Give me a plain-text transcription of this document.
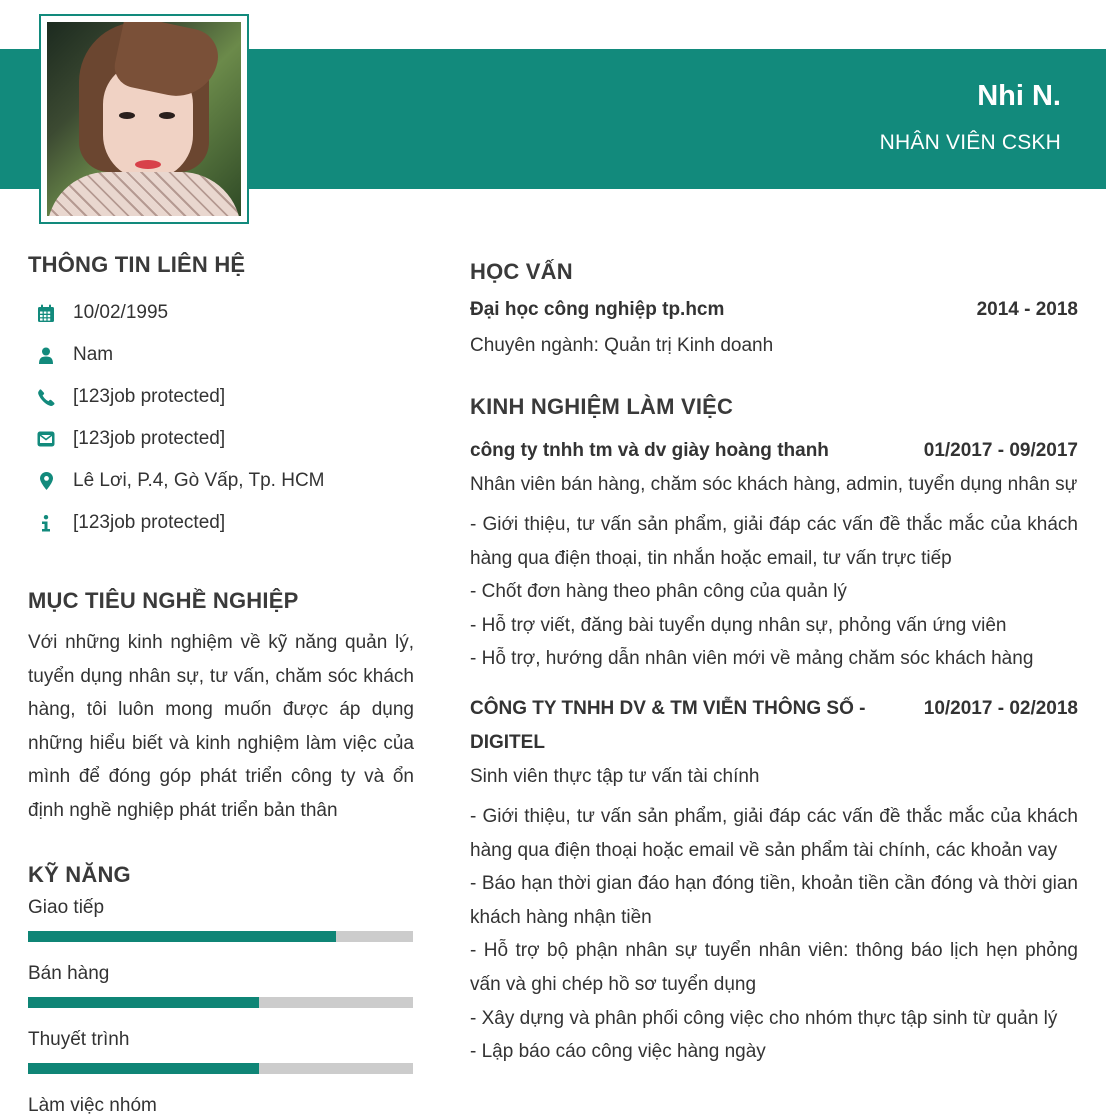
Nhi N.
NHÂN VIÊN CSKH
THÔNG TIN LIÊN HỆ
10/02/1995
Nam
[123job protected]
[123job protected]
Lê Lơi, P.4, Gò Vấp, Tp. HCM
[123job protected]
MỤC TIÊU NGHỀ NGHIỆP

Với những kinh nghiệm về kỹ năng quản lý, tuyển dụng nhân sự, tư vấn, chăm sóc khách hàng, tôi luôn mong muốn được áp dụng những hiểu biết và kinh nghiệm làm việc của mình để đóng góp phát triển công ty và ổn định nghề nghiệp phát triển bản thân

KỸ NĂNG
Giao tiếp
Bán hàng
Thuyết trình
Làm việc nhóm
HỌC VẤN
Đại học công nghiệp tp.hcm	2014 - 2018
Chuyên ngành: Quản trị Kinh doanh
KINH NGHIỆM LÀM VIỆC
công ty tnhh tm và dv giày hoàng thanh	01/2017 - 09/2017
Nhân viên bán hàng, chăm sóc khách hàng, admin, tuyển dụng nhân sự
- Giới thiệu, tư vấn sản phẩm, giải đáp các vấn đề thắc mắc của khách hàng qua điện thoại, tin nhắn hoặc email, tư vấn trực tiếp
- Chốt đơn hàng theo phân công của quản lý
- Hỗ trợ viết, đăng bài tuyển dụng nhân sự, phỏng vấn ứng viên
- Hỗ trợ, hướng dẫn nhân viên mới về mảng chăm sóc khách hàng
CÔNG TY TNHH DV & TM VIỄN THÔNG SỐ - DIGITEL
10/2017 - 02/2018
Sinh viên thực tập tư vấn tài chính
- Giới thiệu, tư vấn sản phẩm, giải đáp các vấn đề thắc mắc của khách hàng qua điện thoại hoặc email về sản phẩm tài chính, các khoản vay
- Báo hạn thời gian đáo hạn đóng tiền, khoản tiền cần đóng và thời gian khách hàng nhận tiền
- Hỗ trợ bộ phận nhân sự tuyển nhân viên: thông báo lịch hẹn phỏng vấn và ghi chép hồ sơ tuyển dụng
- Xây dựng và phân phối công việc cho nhóm thực tập sinh từ quản lý
- Lập báo cáo công việc hàng ngày
